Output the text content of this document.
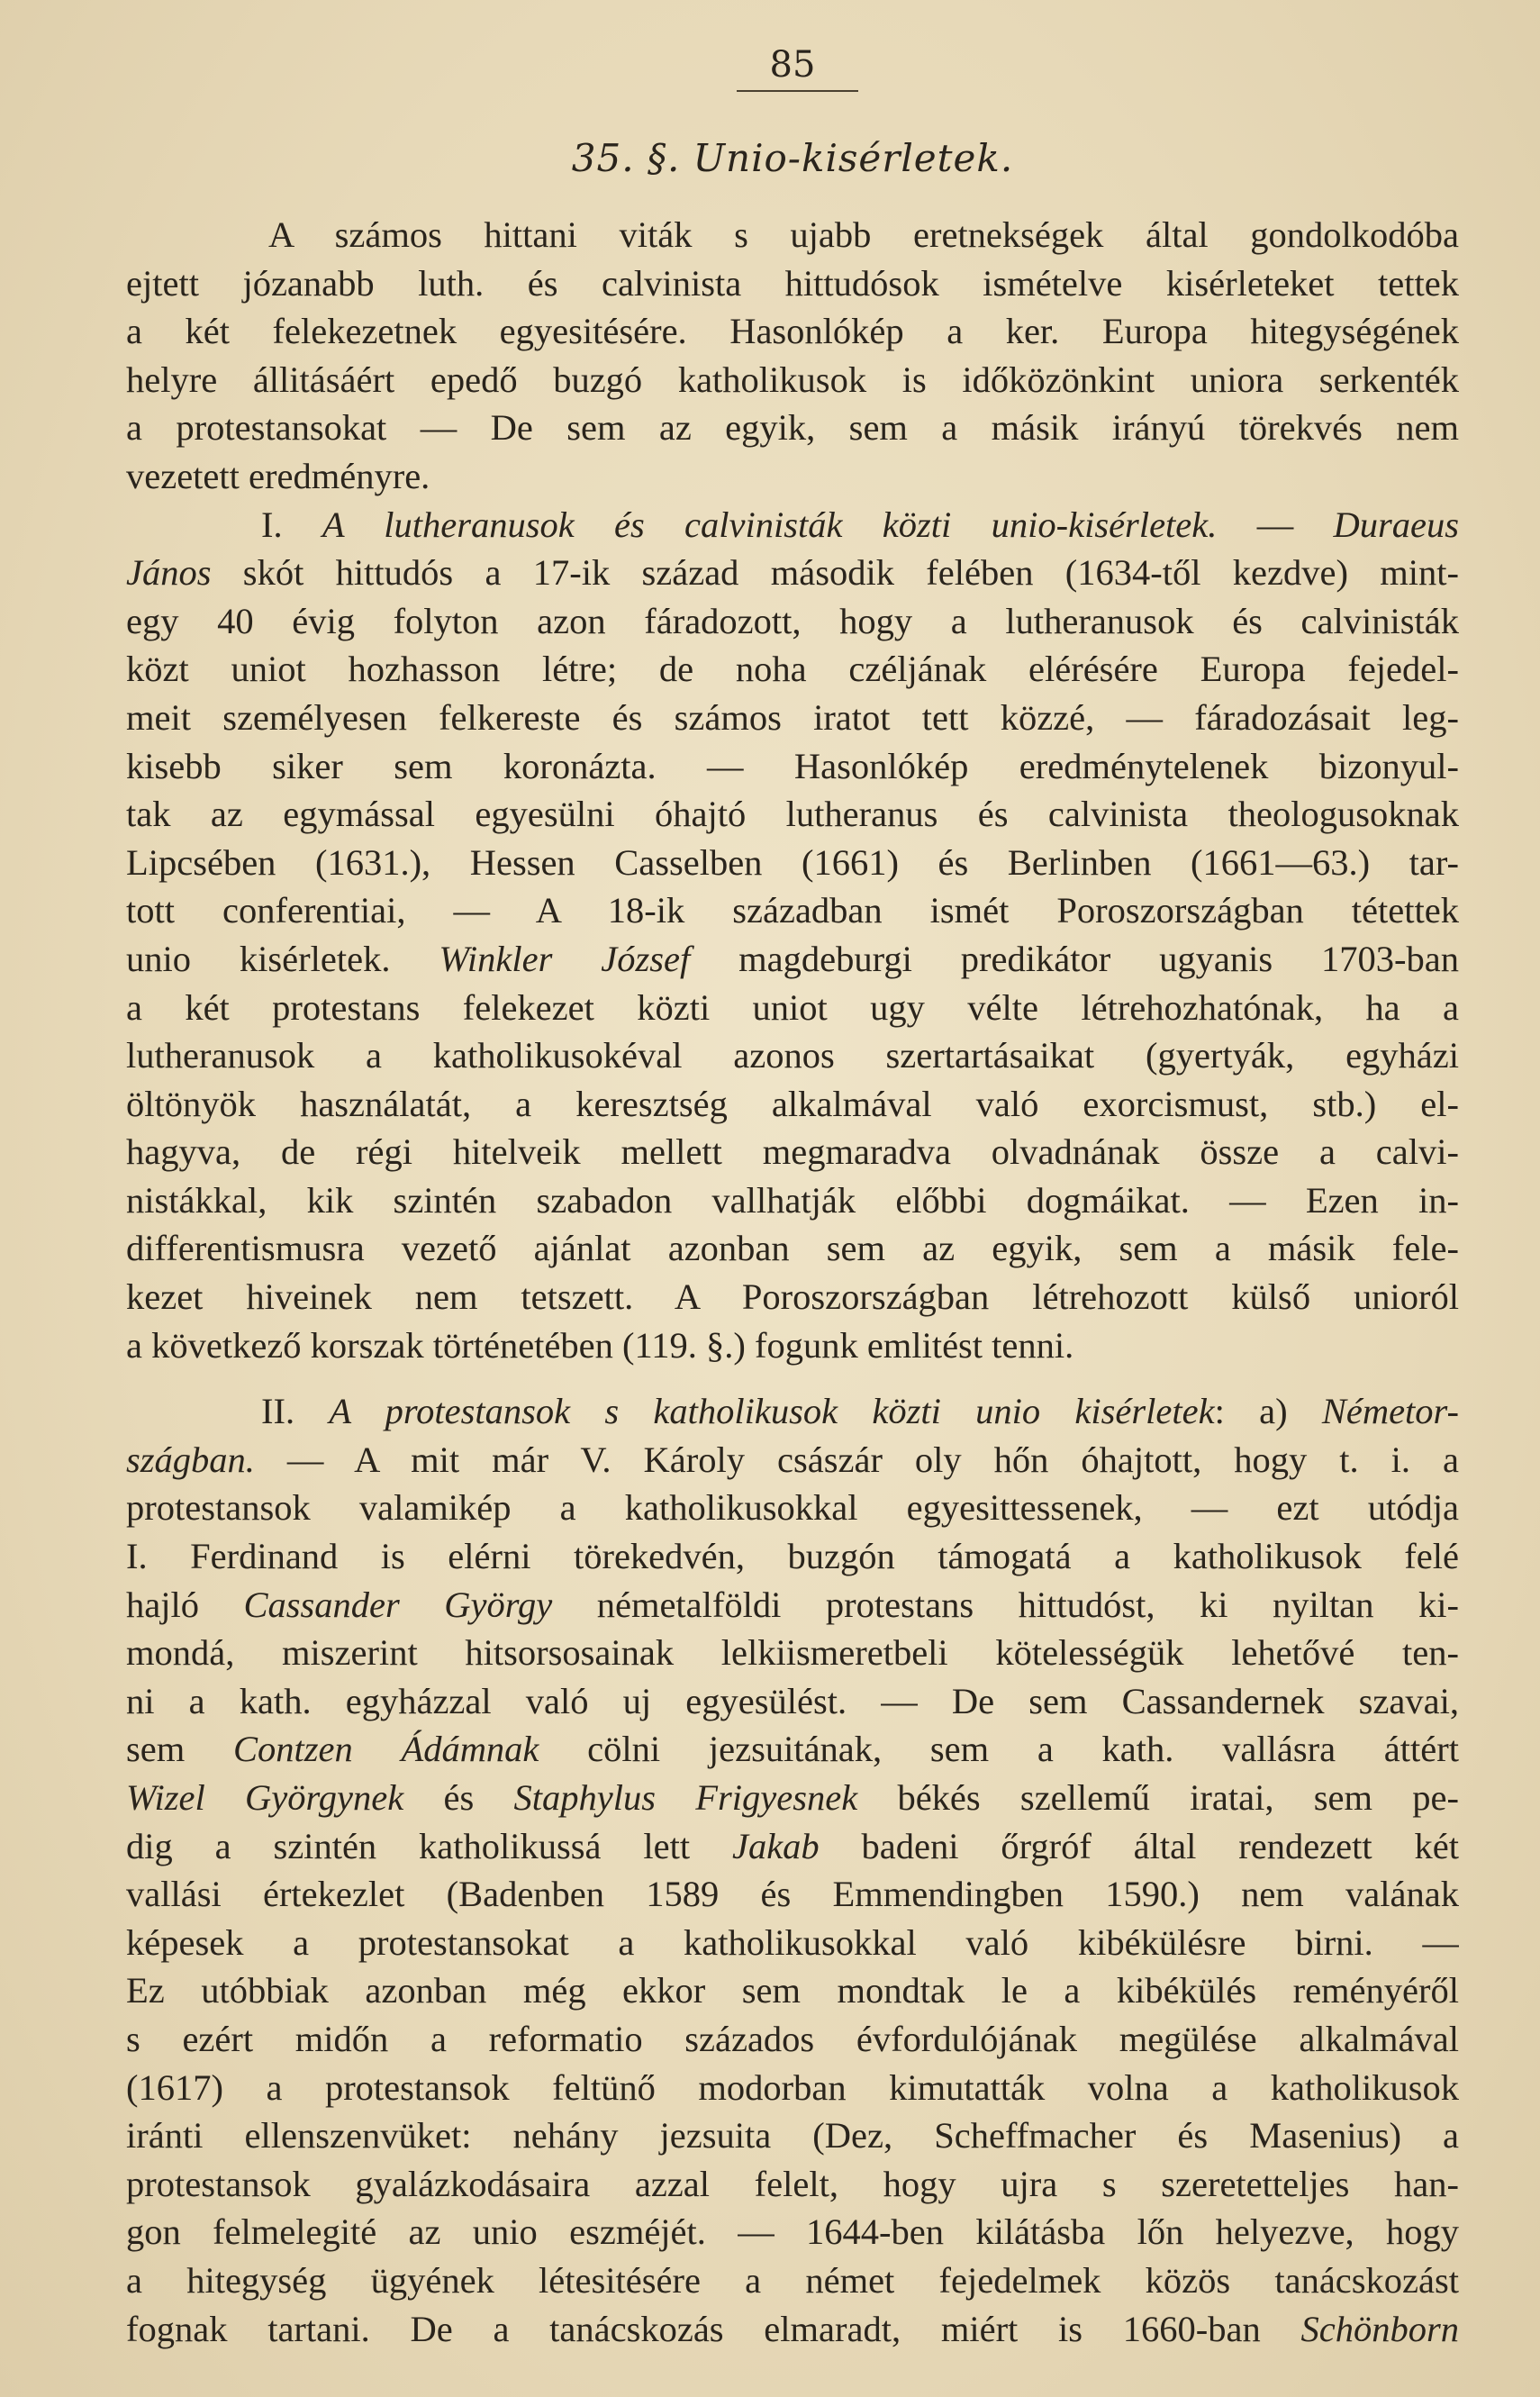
85
35. §. Unio-kisérletek.
A számos hittani viták s ujabb eretnekségek által gondolkodóba
ejtett józanabb luth. és calvinista hittudósok ismételve kisérleteket tettek
a két felekezetnek egyesitésére. Hasonlókép a ker. Europa hitegységének
helyre állitásáért epedő buzgó katholikusok is időközönkint uniora serkenték
a protestansokat — De sem az egyik, sem a másik irányú törekvés nem
vezetett eredményre.
I. A lutheranusok és calvinisták közti unio-kisérletek. — Duraeus
János skót hittudós a 17-ik század második felében (1634-től kezdve) mint-
egy 40 évig folyton azon fáradozott, hogy a lutheranusok és calvinisták
közt uniot hozhasson létre; de noha czéljának elérésére Europa fejedel-
meit személyesen felkereste és számos iratot tett közzé, — fáradozásait leg-
kisebb siker sem koronázta. — Hasonlókép eredménytelenek bizonyul-
tak az egymással egyesülni óhajtó lutheranus és calvinista theologusoknak
Lipcsében (1631.), Hessen Casselben (1661) és Berlinben (1661—63.) tar-
tott conferentiai, — A 18-ik században ismét Poroszországban tétettek
unio kisérletek. Winkler József magdeburgi predikátor ugyanis 1703-ban
a két protestans felekezet közti uniot ugy vélte létrehozhatónak, ha a
lutheranusok a katholikusokéval azonos szertartásaikat (gyertyák, egyházi
öltönyök használatát, a keresztség alkalmával való exorcismust, stb.) el-
hagyva, de régi hitelveik mellett megmaradva olvadnának össze a calvi-
nistákkal, kik szintén szabadon vallhatják előbbi dogmáikat. — Ezen in-
differentismusra vezető ajánlat azonban sem az egyik, sem a másik fele-
kezet hiveinek nem tetszett. A Poroszországban létrehozott külső unioról
a következő korszak történetében (119. §.) fogunk emlitést tenni.
II. A protestansok s katholikusok közti unio kisérletek: a) Németor-
szágban. — A mit már V. Károly császár oly hőn óhajtott, hogy t. i. a
protestansok valamikép a katholikusokkal egyesittessenek, — ezt utódja
I. Ferdinand is elérni törekedvén, buzgón támogatá a katholikusok felé
hajló Cassander György németalföldi protestans hittudóst, ki nyiltan ki-
mondá, miszerint hitsorsosainak lelkiismeretbeli kötelességük lehetővé ten-
ni a kath. egyházzal való uj egyesülést. — De sem Cassandernek szavai,
sem Contzen Ádámnak cölni jezsuitának, sem a kath. vallásra áttért
Wizel Györgynek és Staphylus Frigyesnek békés szellemű iratai, sem pe-
dig a szintén katholikussá lett Jakab badeni őrgróf által rendezett két
vallási értekezlet (Badenben 1589 és Emmendingben 1590.) nem valának
képesek a protestansokat a katholikusokkal való kibékülésre birni. —
Ez utóbbiak azonban még ekkor sem mondtak le a kibékülés reményéről
s ezért midőn a reformatio százados évfordulójának megülése alkalmával
(1617) a protestansok feltünő modorban kimutatták volna a katholikusok
iránti ellenszenvüket: nehány jezsuita (Dez, Scheffmacher és Masenius) a
protestansok gyalázkodásaira azzal felelt, hogy ujra s szeretetteljes han-
gon felmelegité az unio eszméjét. — 1644-ben kilátásba lőn helyezve, hogy
a hitegység ügyének létesitésére a német fejedelmek közös tanácskozást
fognak tartani. De a tanácskozás elmaradt, miért is 1660-ban Schönborn
